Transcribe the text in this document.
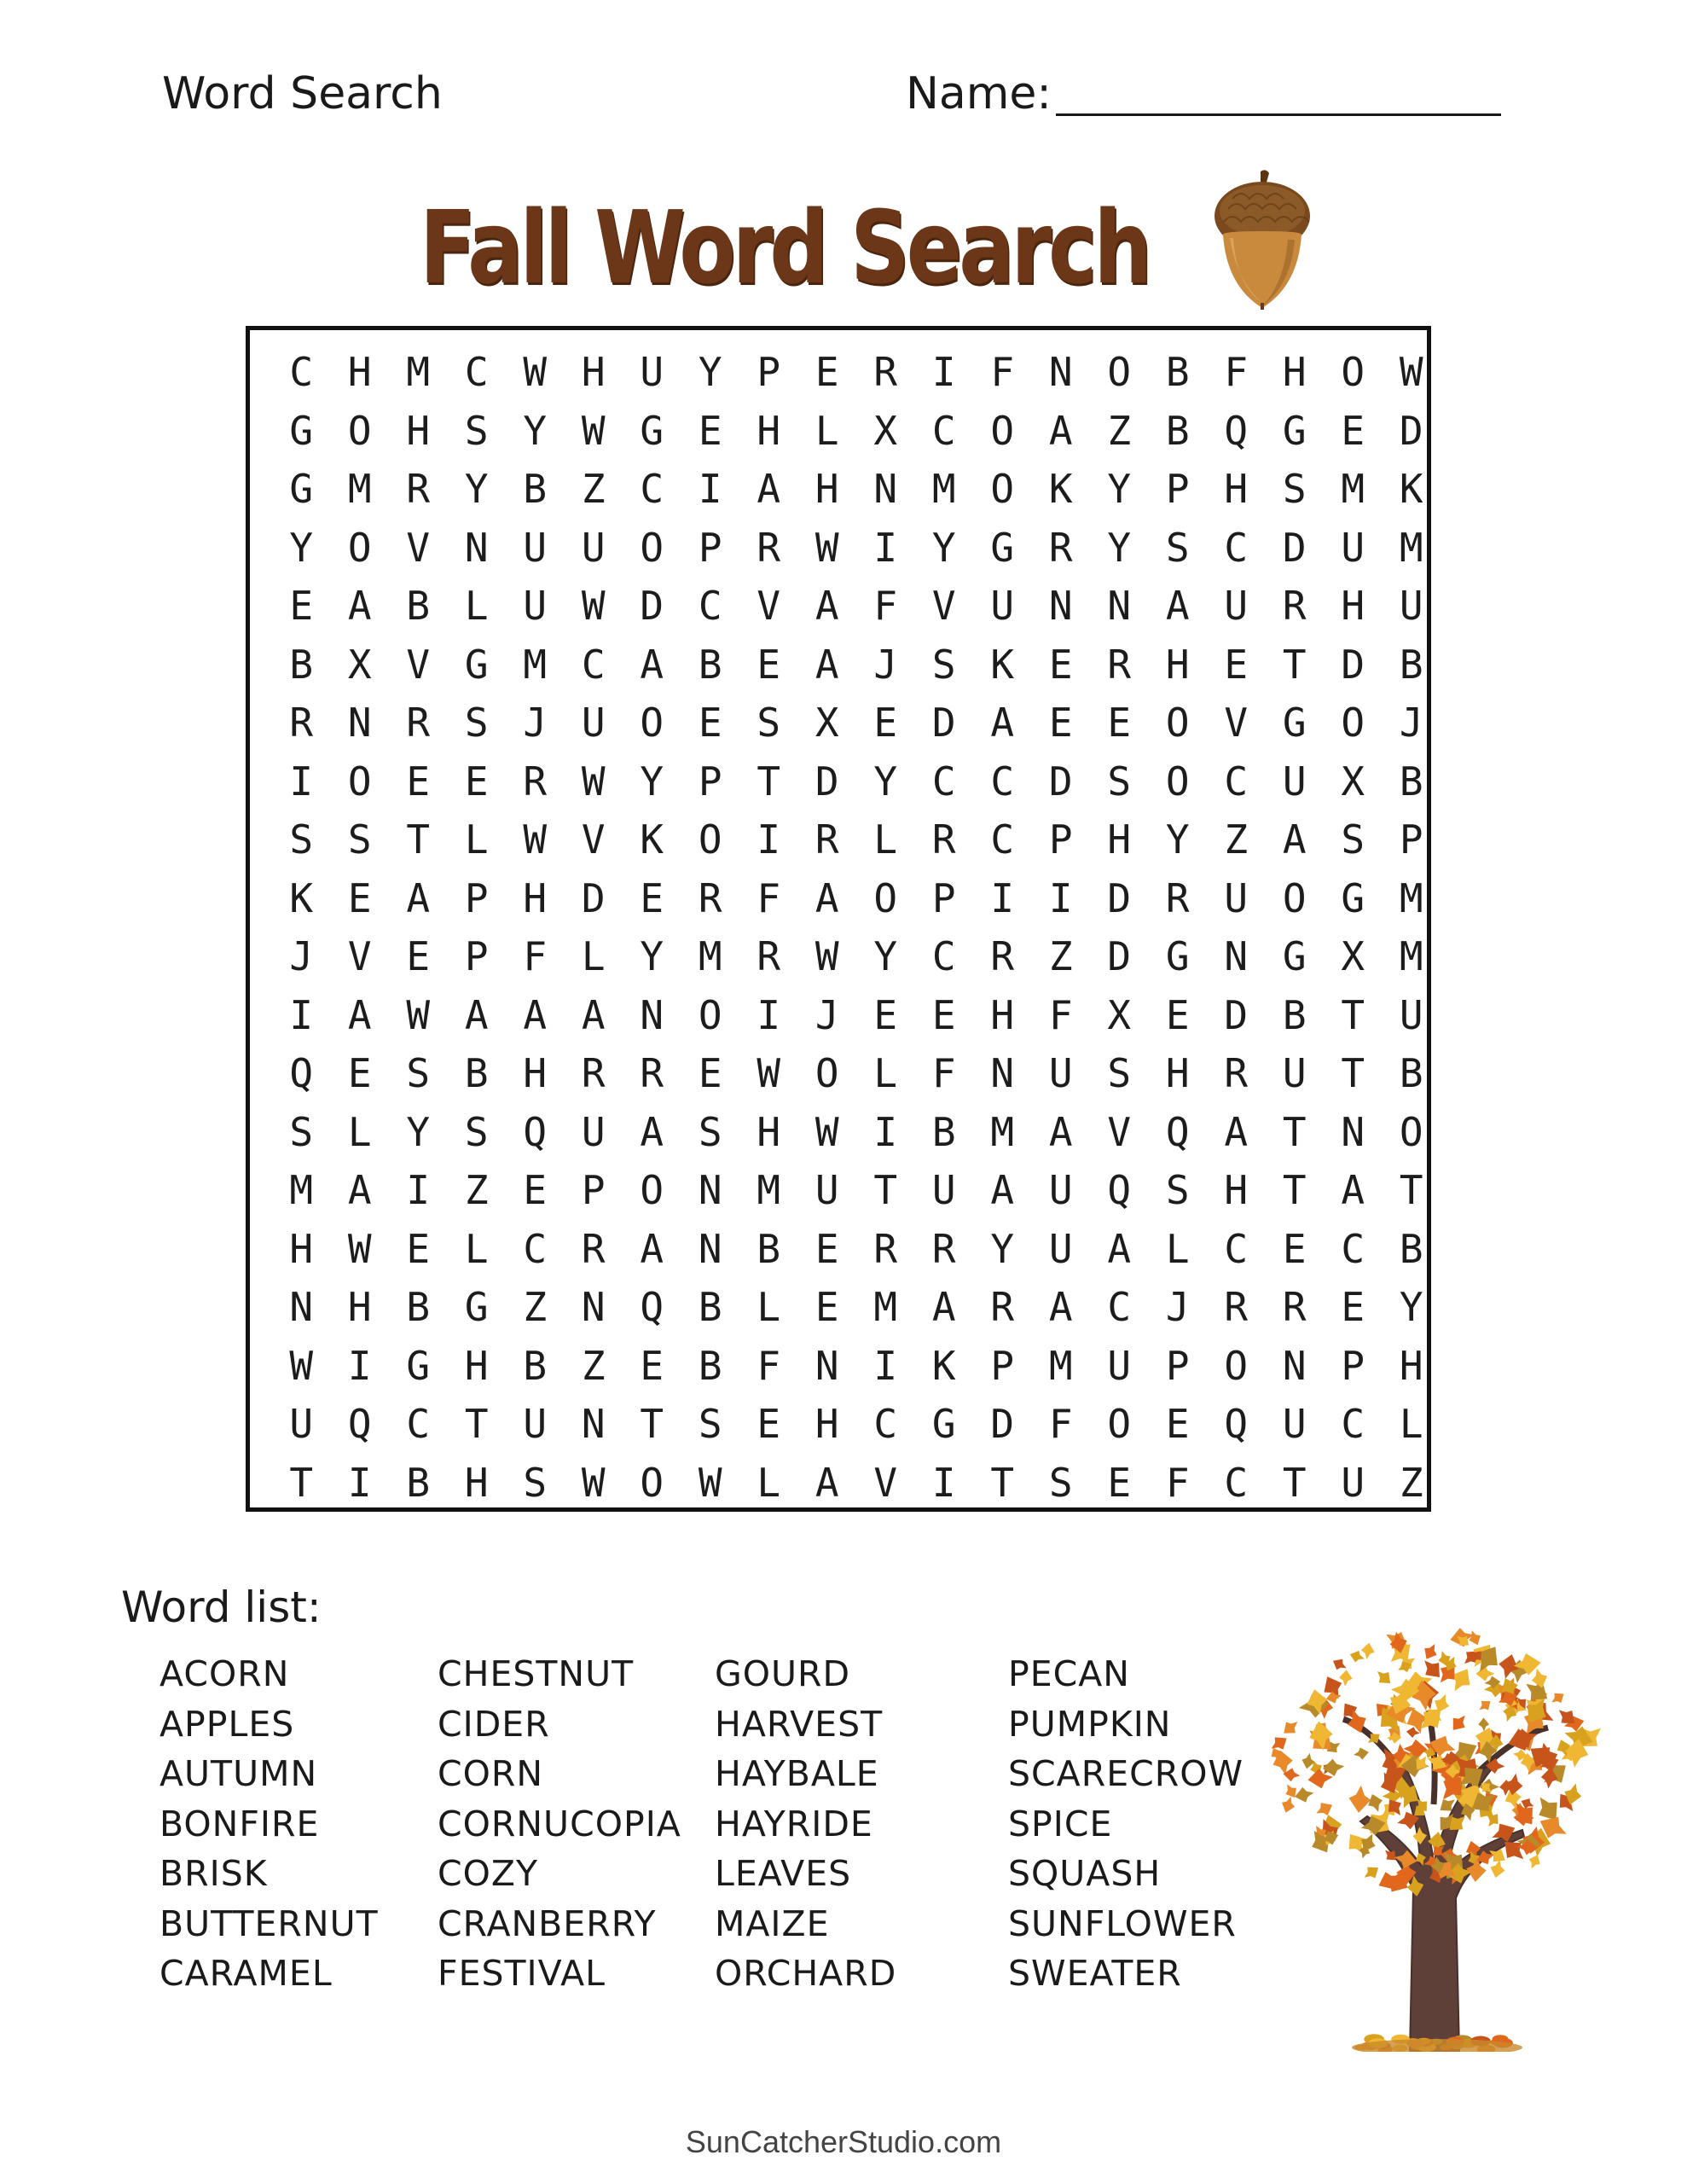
Word Search	Name:
Fall Word Search
C H M C W H U Y P E R I F N O B F H O W
G O H S Y W G E H L X C O A Z B Q G E D
G M R Y B Z C I A H N M O K Y P H S M K
Y O V N U U O P R W I Y G R Y S C D U M
E A B L U W D C V A F V U N N A U R H U
B X V G M C A B E A J S K E R H E T D B
R N R S J U O E S X E D A E E O V G O J
I O E E R W Y P T D Y C C D S O C U X B
S S T L W V K O I R L R C P H Y Z A S P
K E A P H D E R F A O P I I D R U O G M
J V E P F L Y M R W Y C R Z D G N G X M
I A W A A A N O I J E E H F X E D B T U
Q E S B H R R E W O L F N U S H R U T B
S L Y S Q U A S H W I B M A V Q A T N O
M A I Z E P O N M U T U A U Q S H T A T
H W E L C R A N B E R R Y U A L C E C B
N H B G Z N Q B L E M A R A C J R R E Y
W I G H B Z E B F N I K P M U P O N P H
U Q C T U N T S E H C G D F O E Q U C L
T I B H S W O W L A V I T S E F C T U Z
Word list:
ACORN
APPLES
AUTUMN
BONFIRE
BRISK
BUTTERNUT
CARAMEL
CHESTNUT
CIDER
CORN
CORNUCOPIA
COZY
CRANBERRY
FESTIVAL
GOURD
HARVEST
HAYBALE
HAYRIDE
LEAVES
MAIZE
ORCHARD
PECAN
PUMPKIN
SCARECROW
SPICE
SQUASH
SUNFLOWER
SWEATER
SunCatcherStudio.com
